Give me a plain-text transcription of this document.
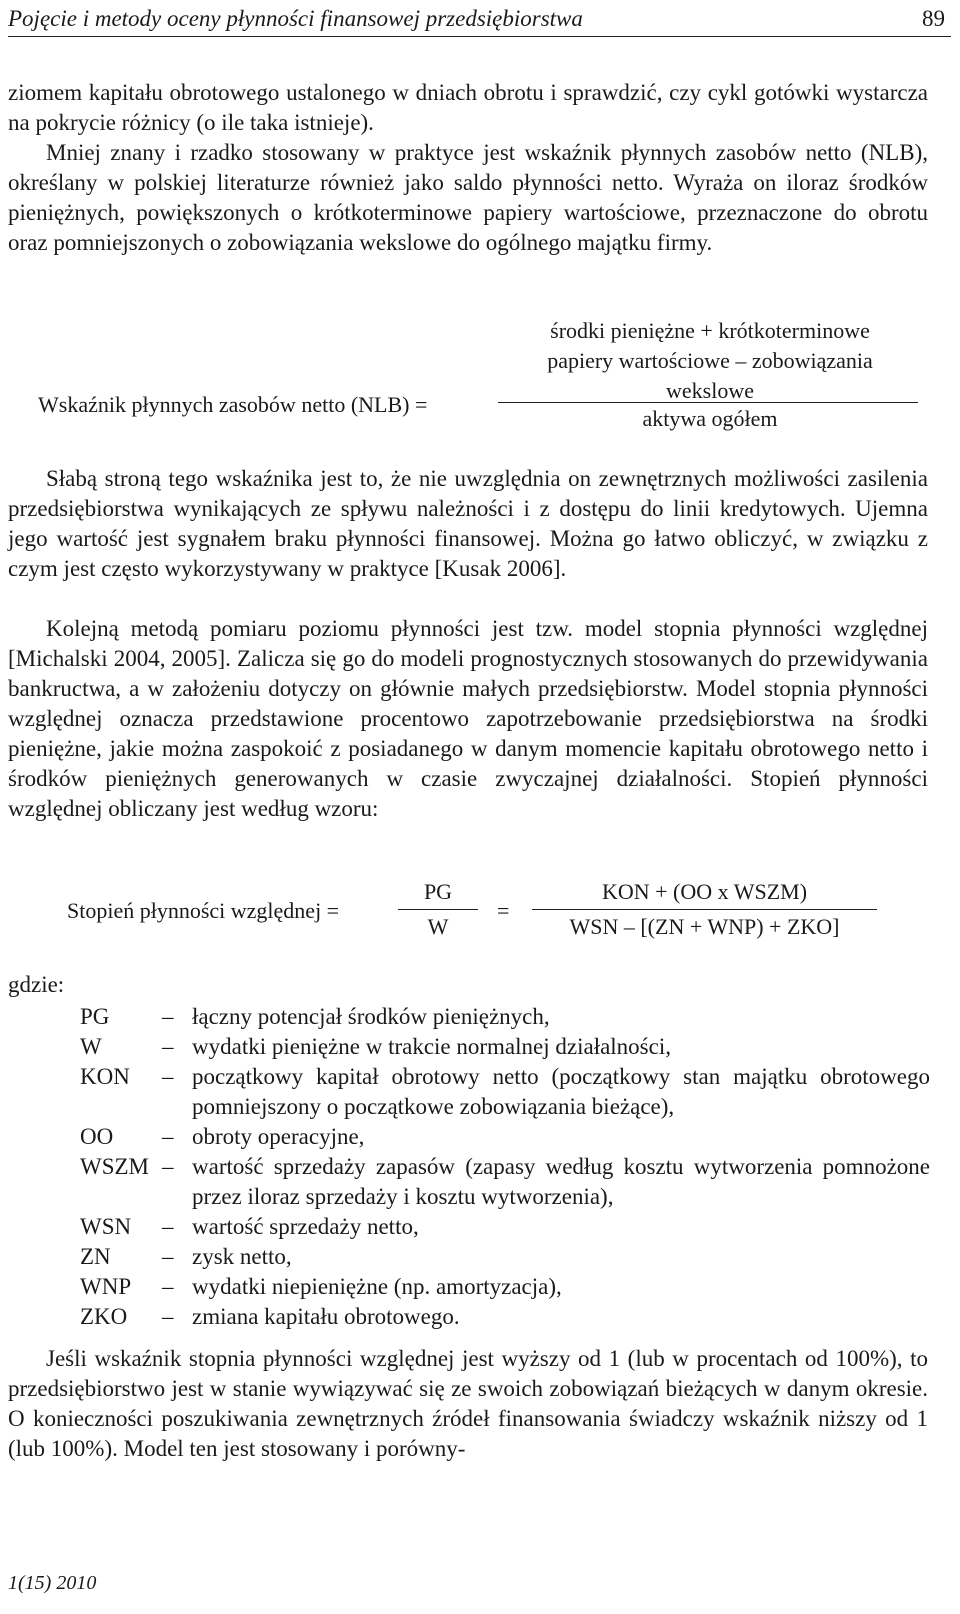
Pojęcie i metody oceny płynności finansowej przedsiębiorstwa	89

ziomem kapitału obrotowego ustalonego w dniach obrotu i sprawdzić, czy cykl gotówki wystarcza na pokrycie różnicy (o ile taka istnieje).

Mniej znany i rzadko stosowany w praktyce jest wskaźnik płynnych zasobów netto (NLB), określany w polskiej literaturze również jako saldo płynności netto. Wyraża on iloraz środków pieniężnych, powiększonych o krótkoterminowe papiery wartościowe, przeznaczone do obrotu oraz pomniejszonych o zobowiązania wekslowe do ogólnego majątku firmy.

Wskaźnik płynnych zasobów netto (NLB) =
środki pieniężne + krótkoterminowe
papiery wartościowe – zobowiązania
wekslowe
aktywa ogółem

Słabą stroną tego wskaźnika jest to, że nie uwzględnia on zewnętrznych możliwości zasilenia przedsiębiorstwa wynikających ze spływu należności i z dostępu do linii kredytowych. Ujemna jego wartość jest sygnałem braku płynności finansowej. Można go łatwo obliczyć, w związku z czym jest często wykorzystywany w praktyce [Kusak 2006].

Kolejną metodą pomiaru poziomu płynności jest tzw. model stopnia płynności względnej [Michalski 2004, 2005]. Zalicza się go do modeli prognostycznych stosowanych do przewidywania bankructwa, a w założeniu dotyczy on głównie małych przedsiębiorstw. Model stopnia płynności względnej oznacza przedstawione procentowo zapotrzebowanie przedsiębiorstwa na środki pieniężne, jakie można zaspokoić z posiadanego w danym momencie kapitału obrotowego netto i środków pieniężnych generowanych w czasie zwyczajnej działalności. Stopień płynności względnej obliczany jest według wzoru:

Stopień płynności względnej =
PG
W
=
KON + (OO x WSZM)
WSN – [(ZN + WNP) + ZKO]
gdzie:
PG	– łączny potencjał środków pieniężnych,
W	– wydatki pieniężne w trakcie normalnej działalności,
KON	– początkowy kapitał obrotowy netto (początkowy stan majątku obrotowego pomniejszony o początkowe zobowiązania bieżące),
OO	– obroty operacyjne,
WSZM – wartość sprzedaży zapasów (zapasy według kosztu wytworzenia pomnożone przez iloraz sprzedaży i kosztu wytworzenia),
WSN	– wartość sprzedaży netto,
ZN	– zysk netto,
WNP	– wydatki niepieniężne (np. amortyzacja),
ZKO	– zmiana kapitału obrotowego.

Jeśli wskaźnik stopnia płynności względnej jest wyższy od 1 (lub w procentach od 100%), to przedsiębiorstwo jest w stanie wywiązywać się ze swoich zobowiązań bieżących w danym okresie. O konieczności poszukiwania zewnętrznych źródeł finansowania świadczy wskaźnik niższy od 1 (lub 100%). Model ten jest stosowany i porówny-

1(15) 2010
